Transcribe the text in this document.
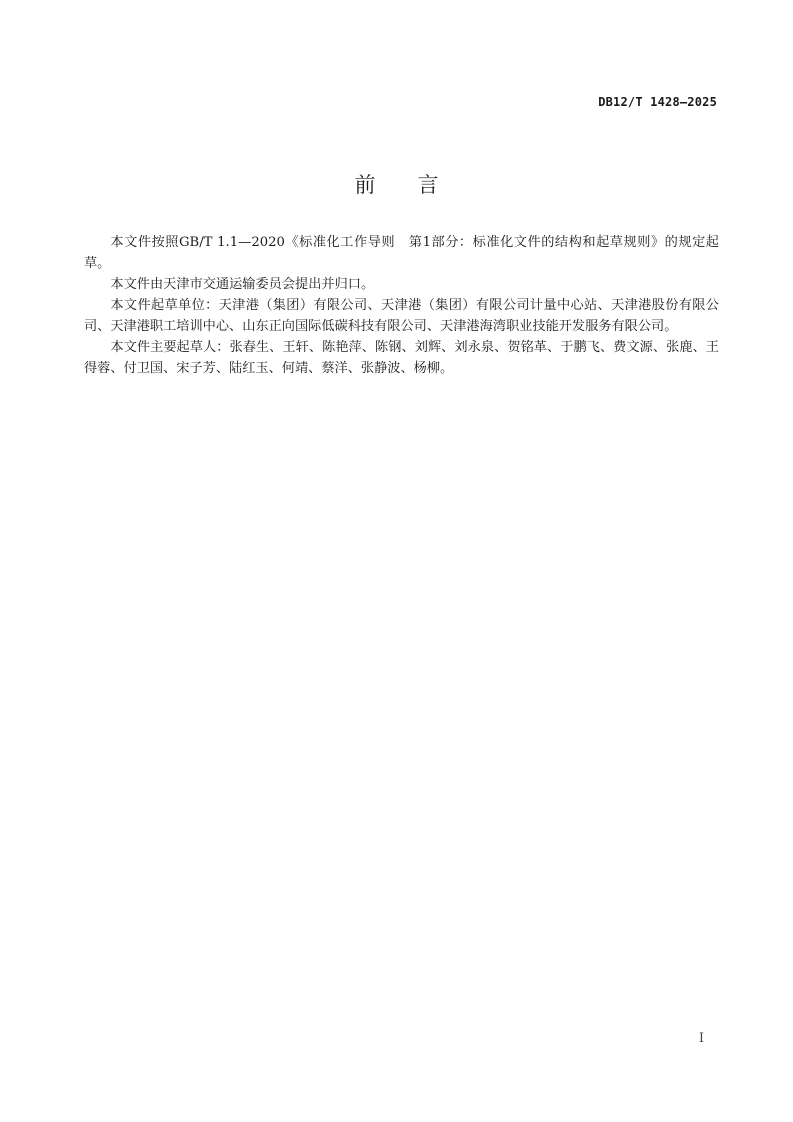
DB12/T 1428—2025
前 言

本文件按照GB/T 1.1—2020《标准化工作导则　第1部分：标准化文件的结构和起草规则》的规定起草。

本文件由天津市交通运输委员会提出并归口。

本文件起草单位：天津港（集团）有限公司、天津港（集团）有限公司计量中心站、天津港股份有限公司、天津港职工培训中心、山东正向国际低碳科技有限公司、天津港海湾职业技能开发服务有限公司。

本文件主要起草人：张春生、王轩、陈艳萍、陈钢、刘辉、刘永泉、贺铭革、于鹏飞、费文源、张鹿、王得蓉、付卫国、宋子芳、陆红玉、何靖、蔡洋、张静波、杨柳。

I
